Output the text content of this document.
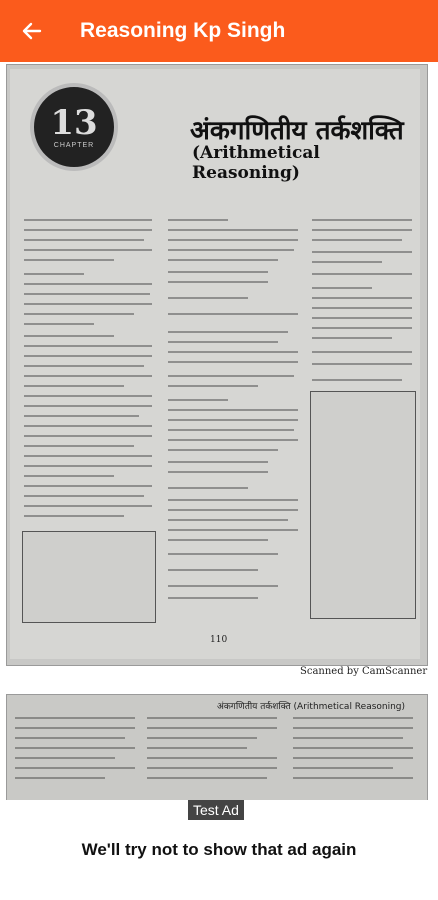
Reasoning Kp Singh
13
CHAPTER	अंकगणितीय तर्कशक्ति
(Arithmetical Reasoning)
110
Scanned by CamScanner
अंकगणितीय तर्कशक्ति (Arithmetical Reasoning)
Test Ad
We'll try not to show that ad again
